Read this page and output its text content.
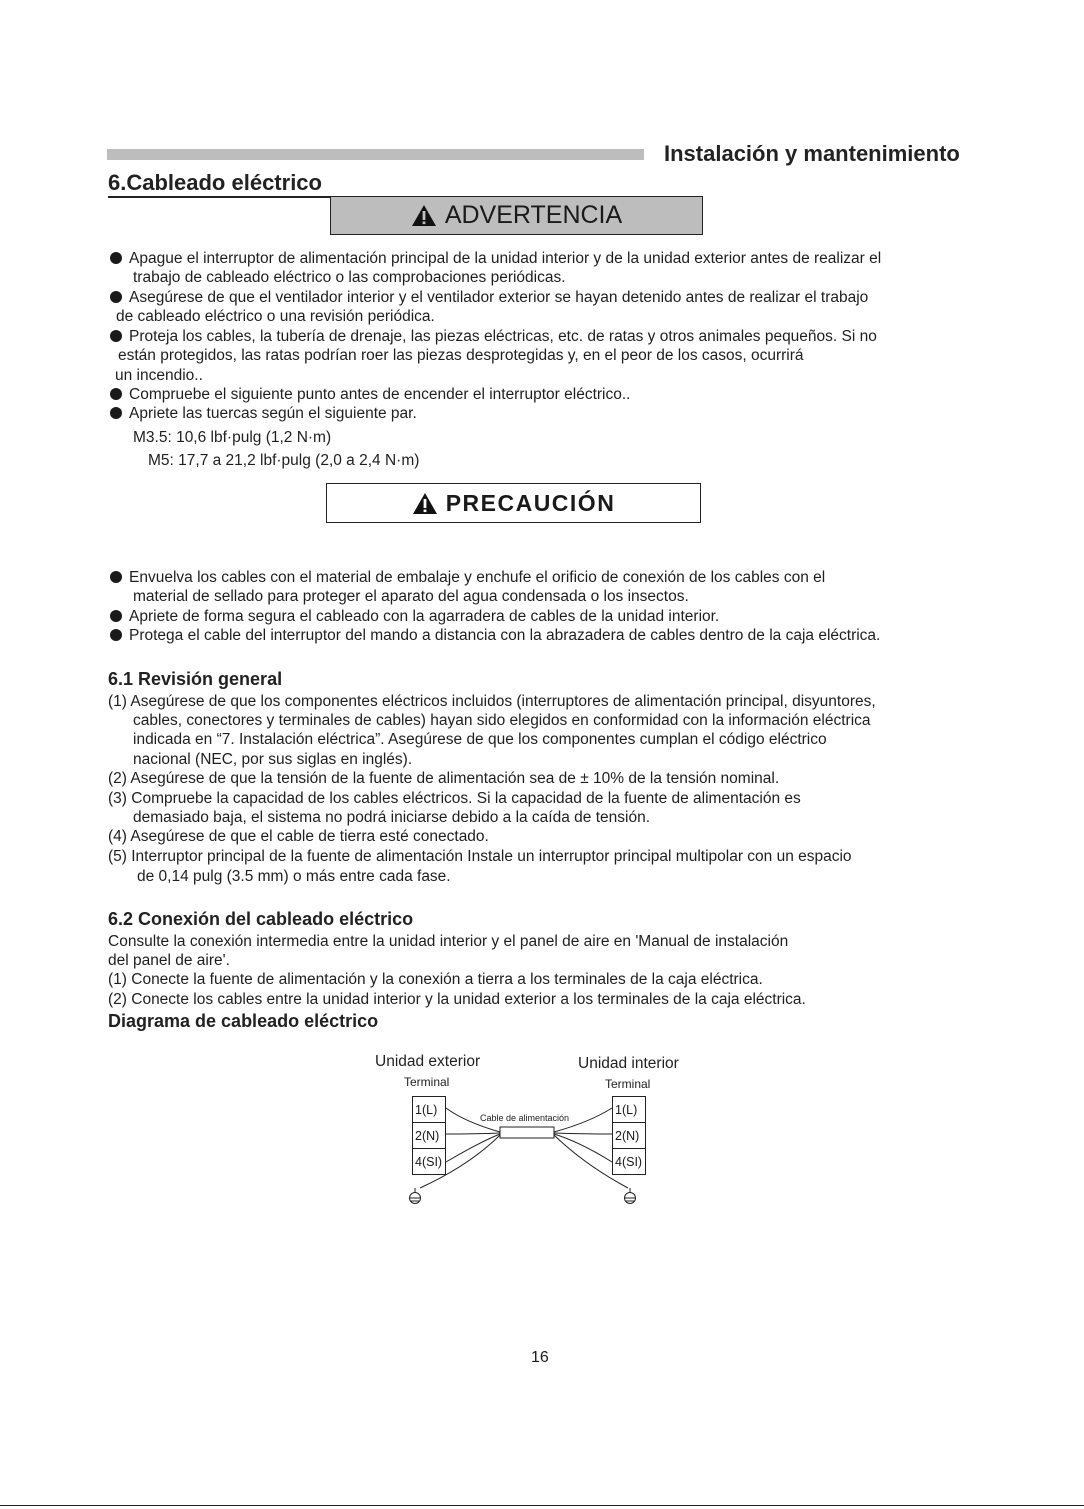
Instalación y mantenimiento
6.Cableado eléctrico
ADVERTENCIA
Apague el interruptor de alimentación principal de la unidad interior y de la unidad exterior antes de realizar el
trabajo de cableado eléctrico o las comprobaciones periódicas.
Asegúrese de que el ventilador interior y el ventilador exterior se hayan detenido antes de realizar el trabajo
de cableado eléctrico o una revisión periódica.
Proteja los cables, la tubería de drenaje, las piezas eléctricas, etc. de ratas y otros animales pequeños. Si no
están protegidos, las ratas podrían roer las piezas desprotegidas y, en el peor de los casos, ocurrirá
un incendio..
Compruebe el siguiente punto antes de encender el interruptor eléctrico..
Apriete las tuercas según el siguiente par.
M3.5: 10,6 lbf·pulg (1,2 N·m)
M5: 17,7 a 21,2 lbf·pulg (2,0 a 2,4 N·m)
PRECAUCIÓN
Envuelva los cables con el material de embalaje y enchufe el orificio de conexión de los cables con el
material de sellado para proteger el aparato del agua condensada o los insectos.
Apriete de forma segura el cableado con la agarradera de cables de la unidad interior.
Protega el cable del interruptor del mando a distancia con la abrazadera de cables dentro de la caja eléctrica.
6.1 Revisión general
(1) Asegúrese de que los componentes eléctricos incluidos (interruptores de alimentación principal, disyuntores,
cables, conectores y terminales de cables) hayan sido elegidos en conformidad con la información eléctrica
indicada en “7. Instalación eléctrica”. Asegúrese de que los componentes cumplan el código eléctrico
nacional (NEC, por sus siglas en inglés).
(2) Asegúrese de que la tensión de la fuente de alimentación sea de ± 10% de la tensión nominal.
(3) Compruebe la capacidad de los cables eléctricos. Si la capacidad de la fuente de alimentación es
demasiado baja, el sistema no podrá iniciarse debido a la caída de tensión.
(4) Asegúrese de que el cable de tierra esté conectado.
(5) Interruptor principal de la fuente de alimentación Instale un interruptor principal multipolar con un espacio
de 0,14 pulg (3.5 mm) o más entre cada fase.
6.2 Conexión del cableado eléctrico
Consulte la conexión intermedia entre la unidad interior y el panel de aire en 'Manual de instalación
del panel de aire'.
(1) Conecte la fuente de alimentación y la conexión a tierra a los terminales de la caja eléctrica.
(2) Conecte los cables entre la unidad interior y la unidad exterior a los terminales de la caja eléctrica.
Diagrama de cableado eléctrico
Unidad exterior
Terminal
Unidad interior
Terminal
Cable de alimentación
1(L)
2(N)
4(SI)
1(L)
2(N)
4(SI)
16
